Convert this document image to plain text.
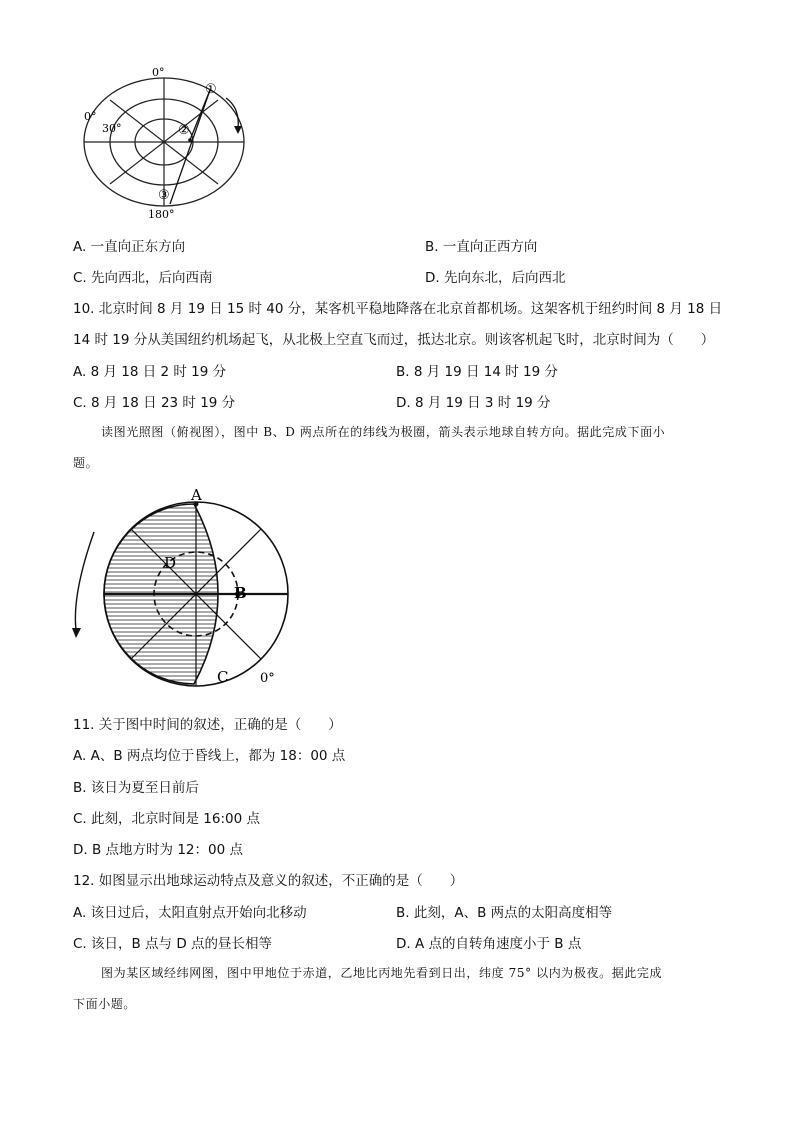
0°
0°
30°
180°
①
②
③
A. 一直向正东方向	B. 一直向正西方向
C. 先向西北，后向西南	D. 先向东北，后向西北
10. 北京时间 8 月 19 日 15 时 40 分，某客机平稳地降落在北京首都机场。这架客机于纽约时间 8 月 18 日
14 时 19 分从美国纽约机场起飞，从北极上空直飞而过，抵达北京。则该客机起飞时，北京时间为（　　）
A. 8 月 18 日 2 时 19 分	B. 8 月 19 日 14 时 19 分
C. 8 月 18 日 23 时 19 分	D. 8 月 19 日 3 时 19 分
读图光照图（俯视图），图中 B、D 两点所在的纬线为极圈，箭头表示地球自转方向。据此完成下面小
题。
A
B
C
D
0°
11. 关于图中时间的叙述，正确的是（　　）
A. A、B 两点均位于昏线上，都为 18：00 点
B. 该日为夏至日前后
C. 此刻，北京时间是 16:00 点
D. B 点地方时为 12：00 点
12. 如图显示出地球运动特点及意义的叙述，不正确的是（　　）
A. 该日过后，太阳直射点开始向北移动	B. 此刻，A、B 两点的太阳高度相等
C. 该日，B 点与 D 点的昼长相等	D. A 点的自转角速度小于 B 点
图为某区域经纬网图，图中甲地位于赤道，乙地比丙地先看到日出，纬度 75° 以内为极夜。据此完成
下面小题。
